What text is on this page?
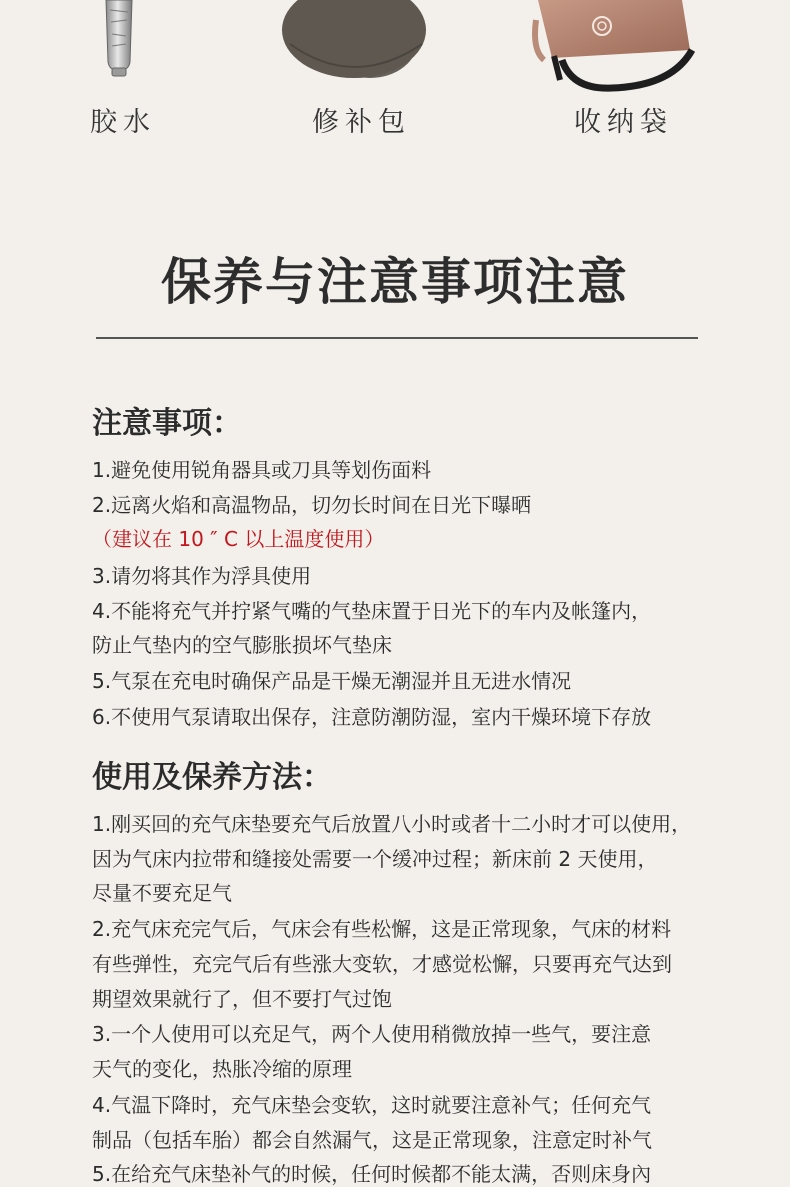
胶水	修补包	收纳袋
保养与注意事项注意
注意事项：
1.避免使用锐角器具或刀具等划伤面料
2.远离火焰和高温物品，切勿长时间在日光下曝晒
（建议在 10 ″ C 以上温度使用）
3.请勿将其作为浮具使用
4.不能将充气并拧紧气嘴的气垫床置于日光下的车内及帐篷内，
防止气垫内的空气膨胀损坏气垫床
5.气泵在充电时确保产品是干燥无潮湿并且无进水情况
6.不使用气泵请取出保存，注意防潮防湿，室内干燥环境下存放
使用及保养方法：
1.刚买回的充气床垫要充气后放置八小时或者十二小时才可以使用，
因为气床内拉带和缝接处需要一个缓冲过程；新床前 2 天使用，
尽量不要充足气
2.充气床充完气后，气床会有些松懈，这是正常现象，气床的材料
有些弹性，充完气后有些涨大变软，才感觉松懈，只要再充气达到
期望效果就行了，但不要打气过饱
3.一个人使用可以充足气，两个人使用稍微放掉一些气，要注意
天气的变化，热胀冷缩的原理
4.气温下降时，充气床垫会变软，这时就要注意补气；任何充气
制品（包括车胎）都会自然漏气，这是正常现象，注意定时补气
5.在给充气床垫补气的时候，任何时候都不能太满，否则床身內
